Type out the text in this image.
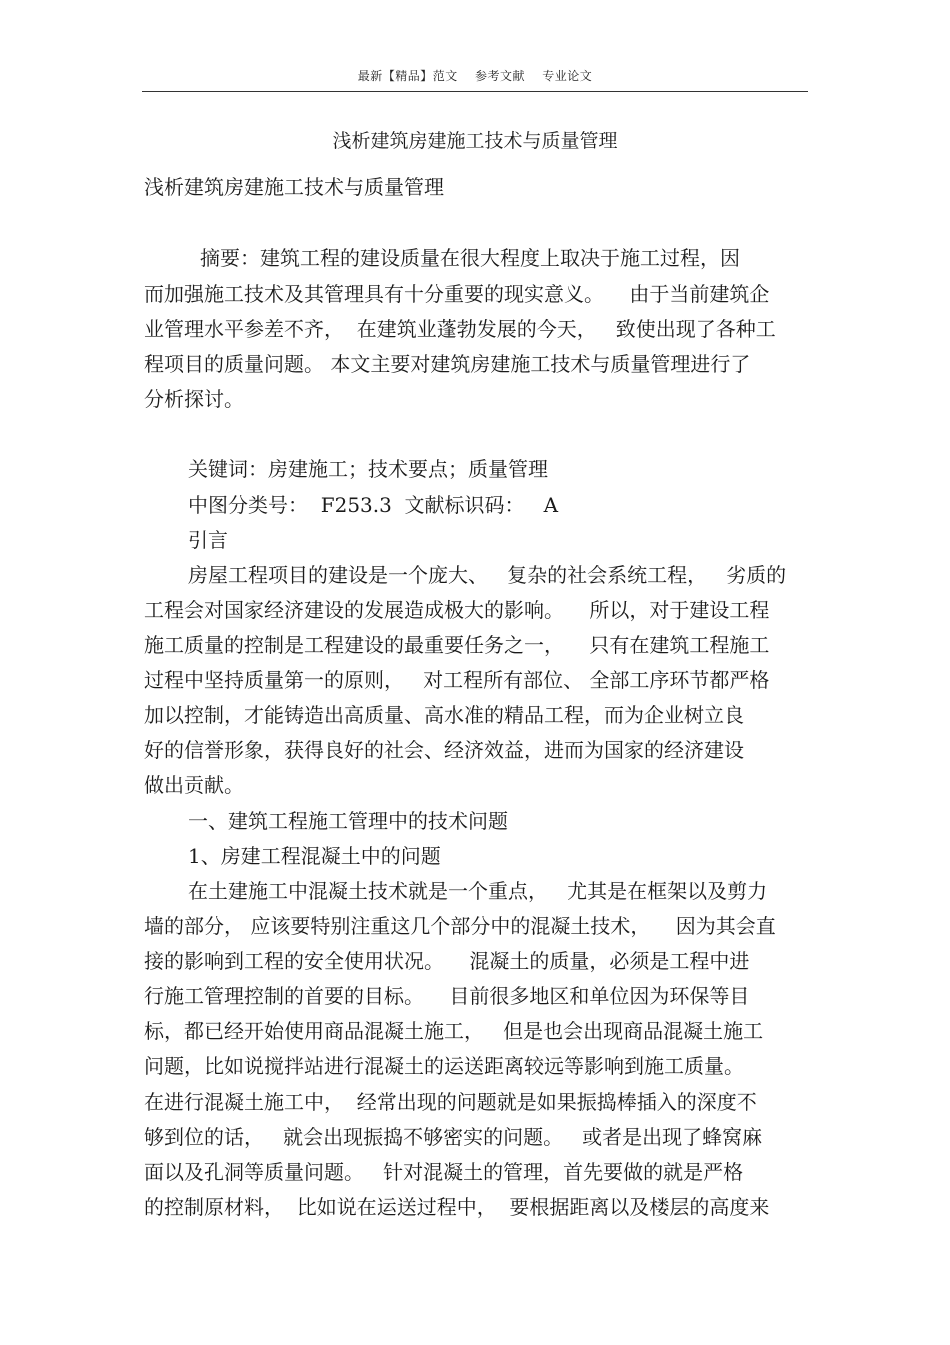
最新【精品】范文    参考文献    专业论文
浅析建筑房建施工技术与质量管理
浅析建筑房建施工技术与质量管理
摘要：建筑工程的建设质量在很大程度上取决于施工过程，因
而加强施工技术及其管理具有十分重要的现实意义。    由于当前建筑企
业管理水平参差不齐，  在建筑业蓬勃发展的今天，   致使出现了各种工
程项目的质量问题。 本文主要对建筑房建施工技术与质量管理进行了
分析探讨。
关键词：房建施工；技术要点；质量管理
中图分类号：  F253.3  文献标识码：   A
引言
房屋工程项目的建设是一个庞大、   复杂的社会系统工程，   劣质的
工程会对国家经济建设的发展造成极大的影响。    所以，对于建设工程
施工质量的控制是工程建设的最重要任务之一，    只有在建筑工程施工
过程中坚持质量第一的原则，   对工程所有部位、 全部工序环节都严格
加以控制，才能铸造出高质量、高水准的精品工程，而为企业树立良
好的信誉形象，获得良好的社会、经济效益，进而为国家的经济建设
做出贡献。
一、建筑工程施工管理中的技术问题
1、房建工程混凝土中的问题
在土建施工中混凝土技术就是一个重点，   尤其是在框架以及剪力
墙的部分， 应该要特别注重这几个部分中的混凝土技术，    因为其会直
接的影响到工程的安全使用状况。    混凝土的质量，必须是工程中进
行施工管理控制的首要的目标。    目前很多地区和单位因为环保等目
标，都已经开始使用商品混凝土施工，   但是也会出现商品混凝土施工
问题，比如说搅拌站进行混凝土的运送距离较远等影响到施工质量。
在进行混凝土施工中，  经常出现的问题就是如果振捣棒插入的深度不
够到位的话，   就会出现振捣不够密实的问题。   或者是出现了蜂窝麻
面以及孔洞等质量问题。   针对混凝土的管理，首先要做的就是严格
的控制原材料，  比如说在运送过程中，  要根据距离以及楼层的高度来
